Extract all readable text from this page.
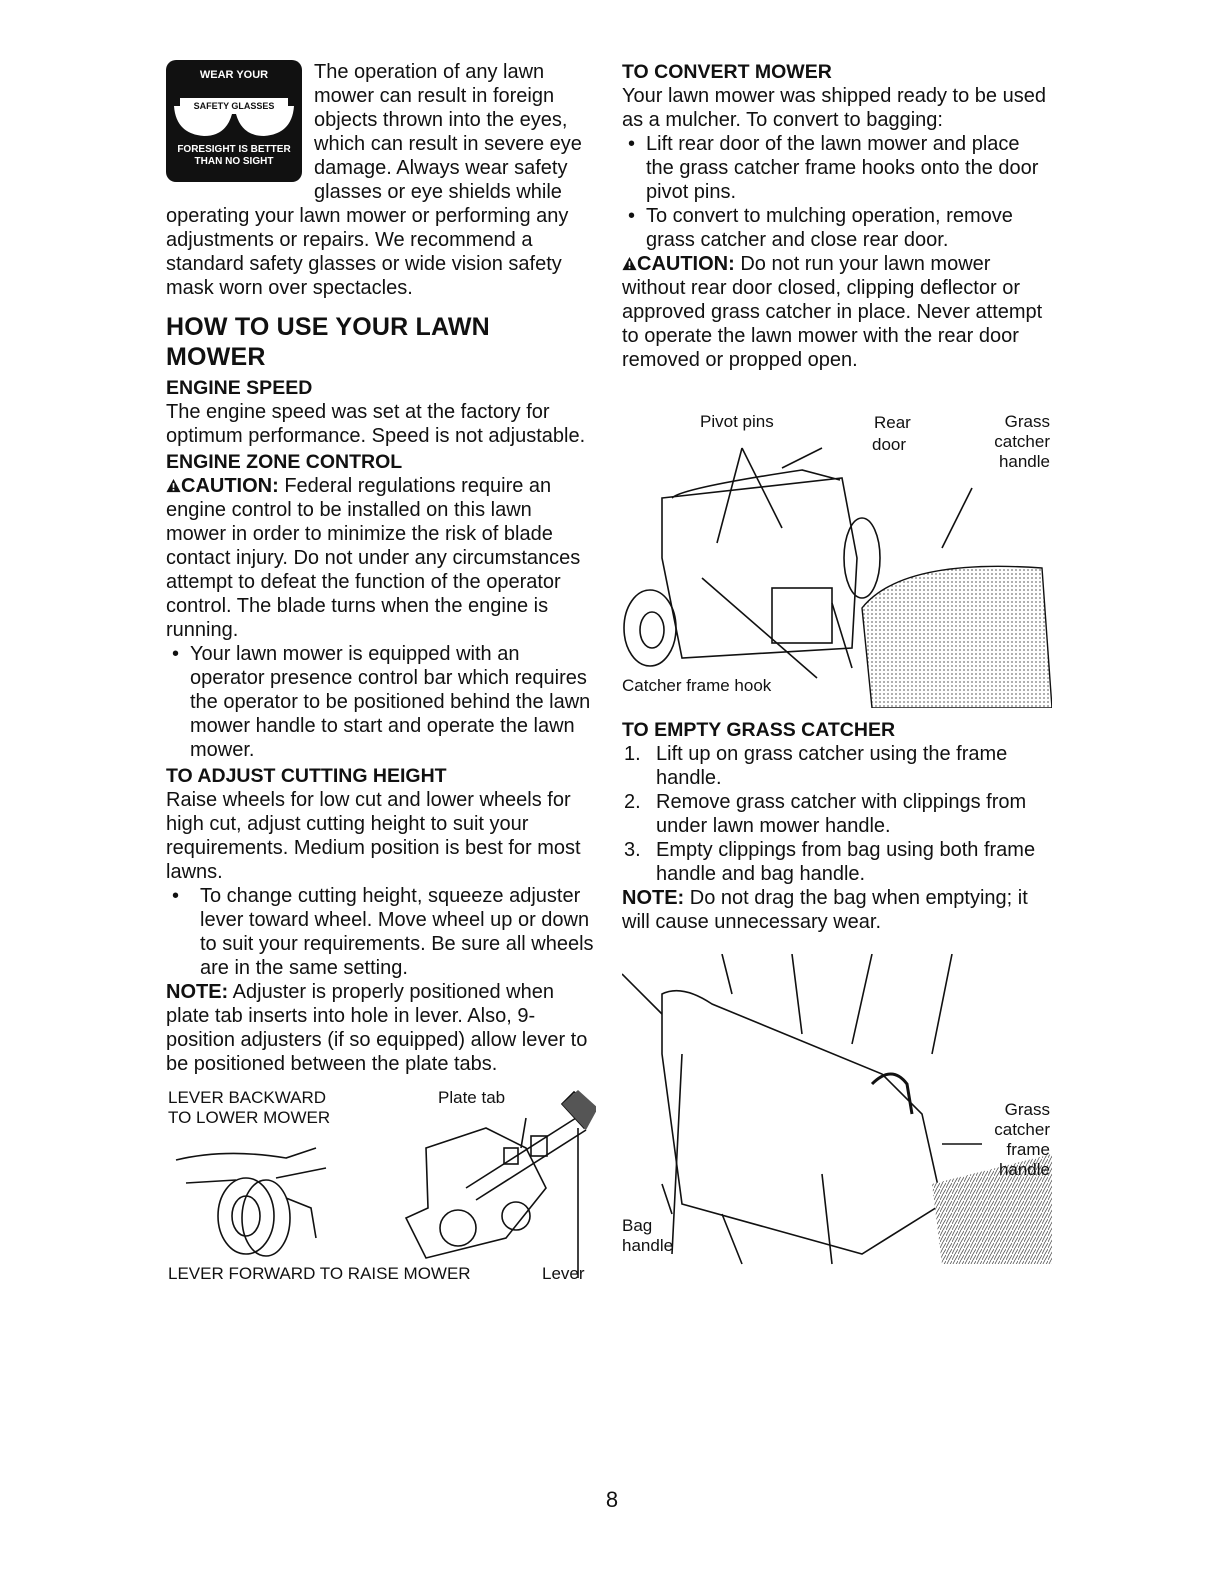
WEAR YOUR
SAFETY GLASSES
FORESIGHT IS BETTER
THAN NO SIGHT

The operation of any lawn mower can result in foreign objects thrown into the eyes, which can result in severe eye damage. Always wear safety glasses or eye shields while operating your lawn mower or performing any adjustments or repairs. We recommend a standard safety glasses or wide vision safety mask worn over spectacles.

HOW TO USE YOUR LAWN MOWER
ENGINE SPEED

The engine speed was set at the factory for optimum performance. Speed is not adjustable.

ENGINE ZONE CONTROL

CAUTION: Federal regulations require an engine control to be installed on this lawn mower in order to minimize the risk of blade contact injury. Do not under any circumstances attempt to defeat the function of the operator control. The blade turns when the engine is running.

• Your lawn mower is equipped with an operator presence control bar which requires the operator to be positioned behind the lawn mower handle to start and operate the lawn mower.
TO ADJUST CUTTING HEIGHT

Raise wheels for low cut and lower wheels for high cut, adjust cutting height to suit your requirements. Medium position is best for most lawns.

• To change cutting height, squeeze adjuster lever toward wheel. Move wheel up or down to suit your requirements. Be sure all wheels are in the same setting.

NOTE: Adjuster is properly positioned when plate tab inserts into hole in lever. Also, 9-position adjusters (if so equipped) allow lever to be positioned between the plate tabs.

LEVER BACKWARD
TO LOWER MOWER
Plate tab
LEVER FORWARD TO RAISE MOWER	Lever
TO CONVERT MOWER

Your lawn mower was shipped ready to be used as a mulcher. To convert to bagging:

• Lift rear door of the lawn mower and place the grass catcher frame hooks onto the door pivot pins.
• To convert to mulching operation, remove grass catcher and close rear door.

CAUTION: Do not run your lawn mower without rear door closed, clipping deflector or approved grass catcher in place. Never attempt to operate the lawn mower with the rear door removed or propped open.

Pivot pins	Rear
door
Grass
catcher
handle
Catcher frame hook
TO EMPTY GRASS CATCHER
1. Lift up on grass catcher using the frame handle.
2. Remove grass catcher with clippings from under lawn mower handle.
3. Empty clippings from bag using both frame handle and bag handle.

NOTE: Do not drag the bag when emptying; it will cause unnecessary wear.

Grass
catcher
frame
handle
Bag
handle
8
